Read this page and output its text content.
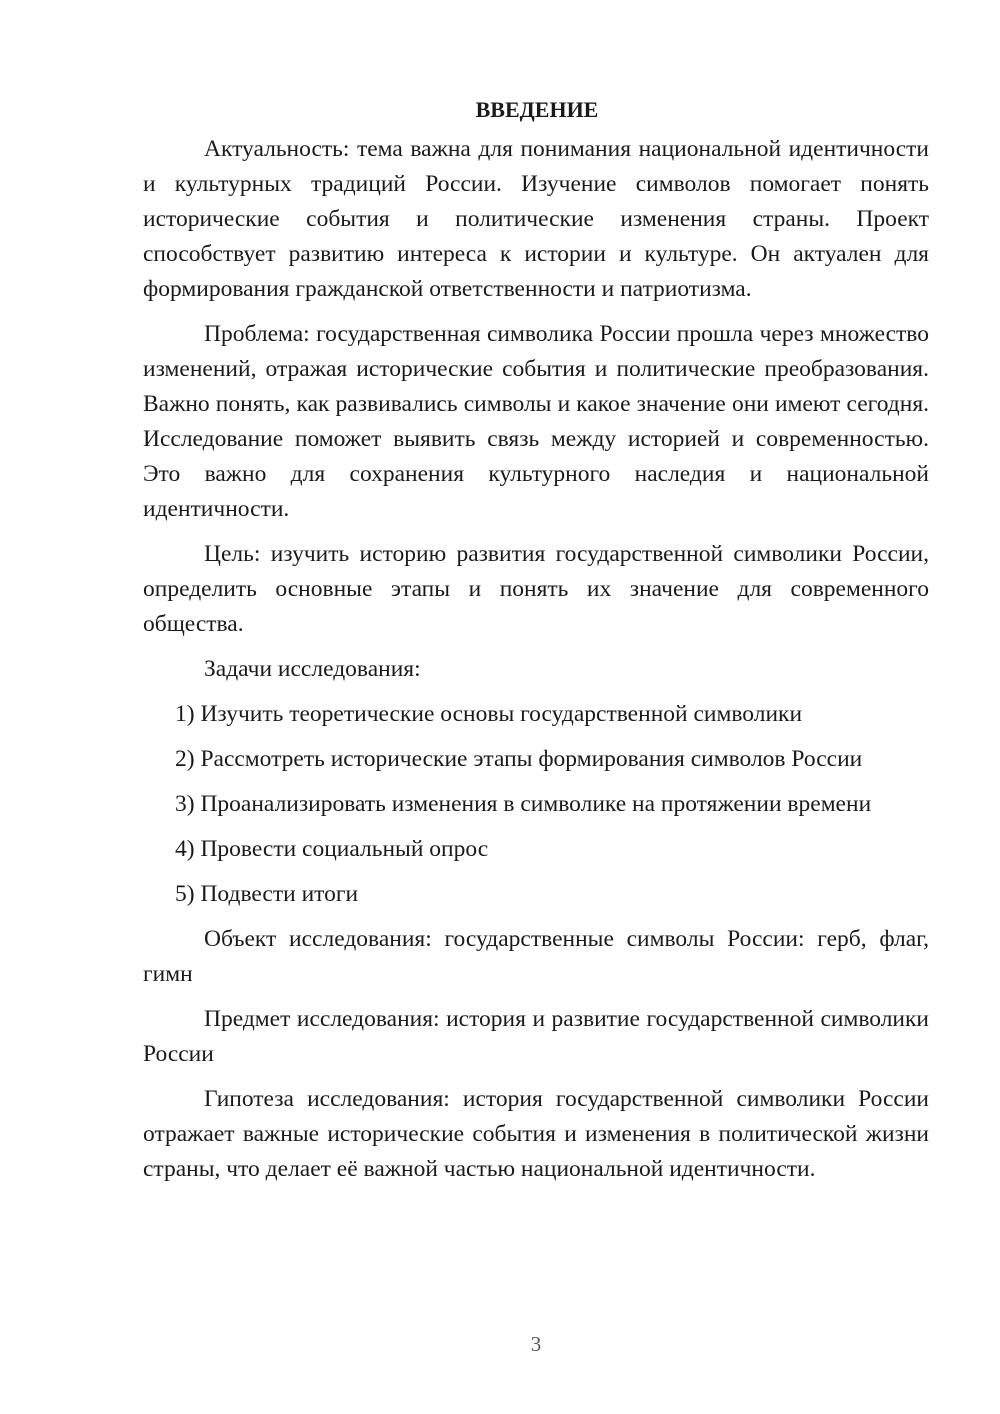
ВВЕДЕНИЕ

Актуальность: тема важна для понимания национальной идентичности и культурных традиций России. Изучение символов помогает понять исторические события и политические изменения страны. Проект способствует развитию интереса к истории и культуре. Он актуален для формирования гражданской ответственности и патриотизма.

Проблема: государственная символика России прошла через множество изменений, отражая исторические события и политические преобразования. Важно понять, как развивались символы и какое значение они имеют сегодня. Исследование поможет выявить связь между историей и современностью. Это важно для сохранения культурного наследия и национальной идентичности.

Цель: изучить историю развития государственной символики России, определить основные этапы и понять их значение для современного общества.

Задачи исследования:

1) Изучить теоретические основы государственной символики
2) Рассмотреть исторические этапы формирования символов России
3) Проанализировать изменения в символике на протяжении времени
4) Провести социальный опрос
5) Подвести итоги

Объект исследования: государственные символы России: герб, флаг, гимн

Предмет исследования: история и развитие государственной символики России

Гипотеза исследования: история государственной символики России отражает важные исторические события и изменения в политической жизни страны, что делает её важной частью национальной идентичности.

3
